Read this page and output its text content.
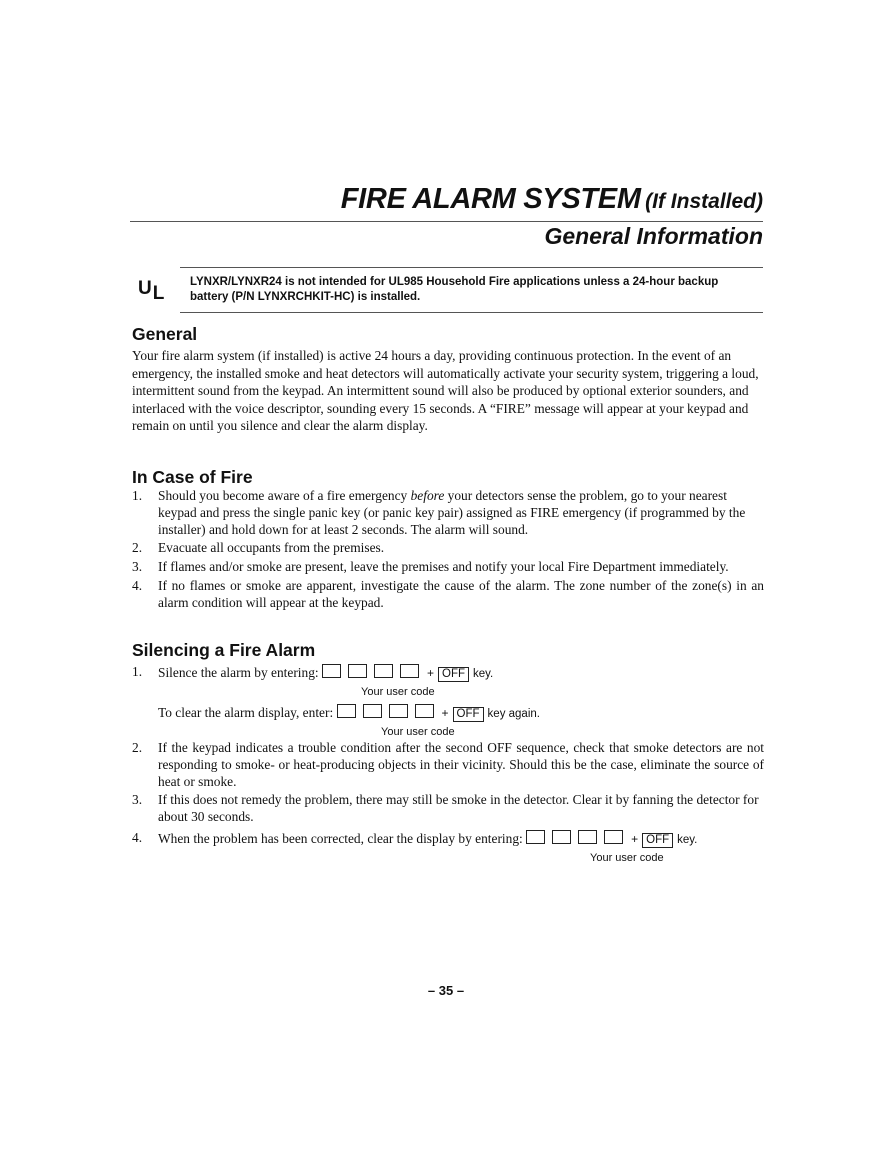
FIRE ALARM SYSTEM (If Installed)
General Information
UL
LYNXR/LYNXR24 is not intended for UL985 Household Fire applications unless a 24-hour backup battery (P/N LYNXRCHKIT-HC) is installed.
General
Your fire alarm system (if installed) is active 24 hours a day, providing continuous protection. In the event of an emergency, the installed smoke and heat detectors will automatically activate your security system, triggering a loud, intermittent sound from the keypad. An intermittent sound will also be produced by optional exterior sounders, and interlaced with the voice descriptor, sounding every 15 seconds. A “FIRE” message will appear at your keypad and remain on until you silence and clear the alarm display.
In Case of Fire
1. Should you become aware of a fire emergency before your detectors sense the problem, go to your nearest keypad and press the single panic key (or panic key pair) assigned as FIRE emergency (if programmed by the installer) and hold down for at least 2 seconds. The alarm will sound.
2. Evacuate all occupants from the premises.
3. If flames and/or smoke are present, leave the premises and notify your local Fire Department immediately.
4. If no flames or smoke are apparent, investigate the cause of the alarm. The zone number of the zone(s) in an alarm condition will appear at the keypad.
Silencing a Fire Alarm
1. Silence the alarm by entering:	+ OFF key.
Your user code
To clear the alarm display, enter:	+ OFF key again.
Your user code
2. If the keypad indicates a trouble condition after the second OFF sequence, check that smoke detectors are not responding to smoke- or heat-producing objects in their vicinity. Should this be the case, eliminate the source of heat or smoke.
3. If this does not remedy the problem, there may still be smoke in the detector. Clear it by fanning the detector for about 30 seconds.
4. When the problem has been corrected, clear the display by entering:	+ OFF key.
Your user code
– 35 –
